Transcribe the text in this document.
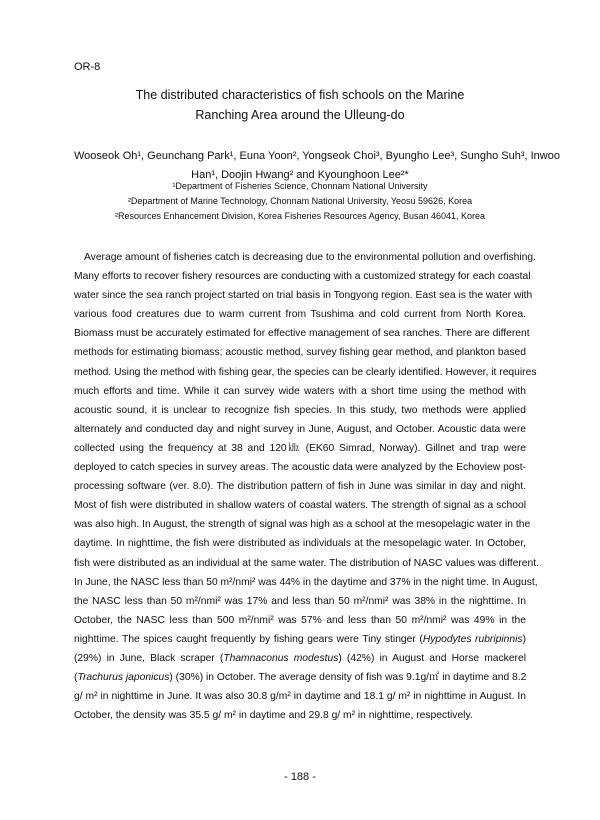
OR-8
The distributed characteristics of fish schools on the Marine
Ranching Area around the Ulleung-do
Wooseok Oh¹, Geunchang Park¹, Euna Yoon², Yongseok Choi³, Byungho Lee³, Sungho Suh³, Inwoo
Han¹, Doojin Hwang² and Kyounghoon Lee²*
¹Department of Fisheries Science, Chonnam National University
²Department of Marine Technology, Chonnam National University, Yeosu 59626, Korea
²Resources Enhancement Division, Korea Fisheries Resources Agency, Busan 46041, Korea
Average amount of fisheries catch is decreasing due to the environmental pollution and overfishing.
Many efforts to recover fishery resources are conducting with a customized strategy for each coastal
water since the sea ranch project started on trial basis in Tongyong region. East sea is the water with
various food creatures due to warm current from Tsushima and cold current from North Korea.
Biomass must be accurately estimated for effective management of sea ranches. There are different
methods for estimating biomass; acoustic method, survey fishing gear method, and plankton based
method. Using the method with fishing gear, the species can be clearly identified. However, it requires
much efforts and time. While it can survey wide waters with a short time using the method with
acoustic sound, it is unclear to recognize fish species. In this study, two methods were applied
alternately and conducted day and night survey in June, August, and October. Acoustic data were
collected using the frequency at 38 and 120㎑ (EK60 Simrad, Norway). Gillnet and trap were
deployed to catch species in survey areas. The acoustic data were analyzed by the Echoview post-
processing software (ver. 8.0). The distribution pattern of fish in June was similar in day and night.
Most of fish were distributed in shallow waters of coastal waters. The strength of signal as a school
was also high. In August, the strength of signal was high as a school at the mesopelagic water in the
daytime. In nighttime, the fish were distributed as individuals at the mesopelagic water. In October,
fish were distributed as an individual at the same water. The distribution of NASC values was different.
In June, the NASC less than 50 m²/nmi² was 44% in the daytime and 37% in the night time. In August,
the NASC less than 50 m²/nmi² was 17% and less than 50 m²/nmi² was 38% in the nighttime. In
October, the NASC less than 500 m²/nmi² was 57% and less than 50 m²/nmi² was 49% in the
nighttime. The spices caught frequently by fishing gears were Tiny stinger (Hypodytes rubripinnis)
(29%) in June, Black scraper (Thamnaconus modestus) (42%) in August and Horse mackerel
(Trachurus japonicus) (30%) in October. The average density of fish was 9.1g/㎡ in daytime and 8.2
g/ m² in nighttime in June. It was also 30.8 g/m² in daytime and 18.1 g/ m² in nighttime in August. In
October, the density was 35.5 g/ m² in daytime and 29.8 g/ m² in nighttime, respectively.
- 188 -
